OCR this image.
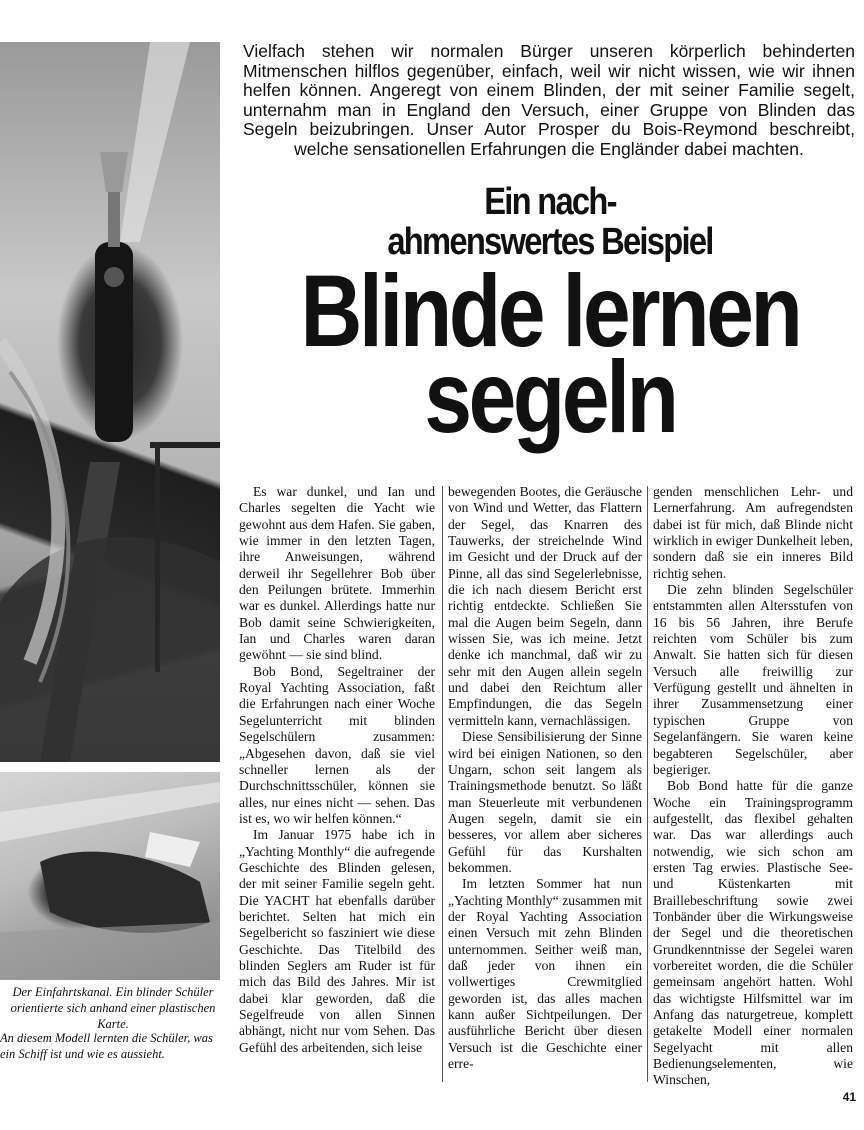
Der Einfahrtskanal. Ein blinder Schüler orientierte sich anhand einer plastischen Karte.
An diesem Modell lernten die Schüler, was ein Schiff ist und wie es aussieht.
Vielfach stehen wir normalen Bürger unseren körperlich behinderten Mitmenschen hilflos gegenüber, einfach, weil wir nicht wissen, wie wir ihnen helfen können. Angeregt von einem Blinden, der mit seiner Familie segelt, unternahm man in England den Versuch, einer Gruppe von Blinden das Segeln beizubringen. Unser Autor Prosper du Bois-Reymond beschreibt, welche sensationellen Erfahrungen die Engländer dabei machten.
Ein nach-
ahmenswertes Beispiel
Blinde lernen
segeln

Es war dunkel, und Ian und Charles segelten die Yacht wie gewohnt aus dem Hafen. Sie gaben, wie immer in den letzten Tagen, ihre Anweisungen, während derweil ihr Segellehrer Bob über den Peilungen brütete. Immerhin war es dunkel. Allerdings hatte nur Bob damit seine Schwierigkeiten, Ian und Charles waren daran gewöhnt — sie sind blind.

Bob Bond, Segeltrainer der Royal Yachting Association, faßt die Erfahrungen nach einer Woche Segelunterricht mit blinden Segelschülern zusammen: „Abgesehen davon, daß sie viel schneller lernen als der Durchschnittsschüler, können sie alles, nur eines nicht — sehen. Das ist es, wo wir helfen können.“

Im Januar 1975 habe ich in „Yachting Monthly“ die aufregende Geschichte des Blinden gelesen, der mit seiner Familie segeln geht. Die YACHT hat ebenfalls darüber berichtet. Selten hat mich ein Segelbericht so fasziniert wie diese Geschichte. Das Titelbild des blinden Seglers am Ruder ist für mich das Bild des Jahres. Mir ist dabei klar geworden, daß die Segelfreude von allen Sinnen abhängt, nicht nur vom Sehen. Das Gefühl des arbeitenden, sich leise

bewegenden Bootes, die Geräusche von Wind und Wetter, das Flattern der Segel, das Knarren des Tauwerks, der streichelnde Wind im Gesicht und der Druck auf der Pinne, all das sind Segelerlebnisse, die ich nach diesem Bericht erst richtig entdeckte. Schließen Sie mal die Augen beim Segeln, dann wissen Sie, was ich meine. Jetzt denke ich manchmal, daß wir zu sehr mit den Augen allein segeln und dabei den Reichtum aller Empfindungen, die das Segeln vermitteln kann, vernachlässigen.

Diese Sensibilisierung der Sinne wird bei einigen Nationen, so den Ungarn, schon seit langem als Trainingsmethode benutzt. So läßt man Steuerleute mit verbundenen Augen segeln, damit sie ein besseres, vor allem aber sicheres Gefühl für das Kurshalten bekommen.

Im letzten Sommer hat nun „Yachting Monthly“ zusammen mit der Royal Yachting Association einen Versuch mit zehn Blinden unternommen. Seither weiß man, daß jeder von ihnen ein vollwertiges Crewmitglied geworden ist, das alles machen kann außer Sichtpeilungen. Der ausführliche Bericht über diesen Versuch ist die Geschichte einer erre-

genden menschlichen Lehr- und Lernerfahrung. Am aufregendsten dabei ist für mich, daß Blinde nicht wirklich in ewiger Dunkelheit leben, sondern daß sie ein inneres Bild richtig sehen.

Die zehn blinden Segelschüler entstammten allen Altersstufen von 16 bis 56 Jahren, ihre Berufe reichten vom Schüler bis zum Anwalt. Sie hatten sich für diesen Versuch alle freiwillig zur Verfügung gestellt und ähnelten in ihrer Zusammensetzung einer typischen Gruppe von Segelanfängern. Sie waren keine begabteren Segelschüler, aber begieriger.

Bob Bond hatte für die ganze Woche ein Trainingsprogramm aufgestellt, das flexibel gehalten war. Das war allerdings auch notwendig, wie sich schon am ersten Tag erwies. Plastische See- und Küstenkarten mit Braillebeschriftung sowie zwei Tonbänder über die Wirkungsweise der Segel und die theoretischen Grundkenntnisse der Segelei waren vorbereitet worden, die die Schüler gemeinsam angehört hatten. Wohl das wichtigste Hilfsmittel war im Anfang das naturgetreue, komplett getakelte Modell einer normalen Segelyacht mit allen Bedienungselementen, wie Winschen,

41
